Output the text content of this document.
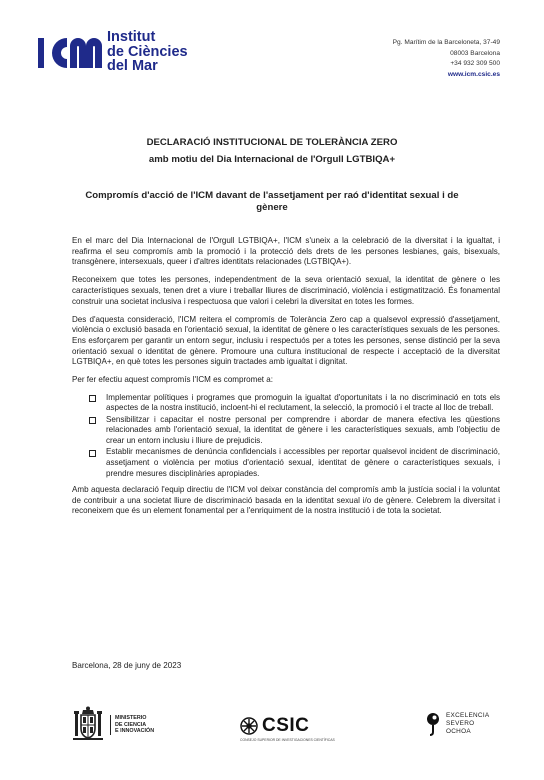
Institut
de Ciències
del Mar
Pg. Marítim de la Barceloneta, 37-49
08003 Barcelona
+34 932 309 500
www.icm.csic.es
DECLARACIÓ INSTITUCIONAL DE TOLERÀNCIA ZERO
amb motiu del Dia Internacional de l'Orgull LGTBIQA+
Compromís d'acció de l'ICM davant de l'assetjament per raó d'identitat sexual i de gènere

En el marc del Dia Internacional de l'Orgull LGTBIQA+, l'ICM s'uneix a la celebració de la diversitat i la igualtat, i reafirma el seu compromís amb la promoció i la protecció dels drets de les persones lesbianes, gais, bisexuals, transgènere, intersexuals, queer i d'altres identitats relacionades (LGTBIQA+).

Reconeixem que totes les persones, independentment de la seva orientació sexual, la identitat de gènere o les característiques sexuals, tenen dret a viure i treballar lliures de discriminació, violència i estigmatització. És fonamental construir una societat inclusiva i respectuosa que valori i celebri la diversitat en totes les formes.

Des d'aquesta consideració, l'ICM reitera el compromís de Tolerància Zero cap a qualsevol expressió d'assetjament, violència o exclusió basada en l'orientació sexual, la identitat de gènere o les característiques sexuals de les persones. Ens esforçarem per garantir un entorn segur, inclusiu i respectuós per a totes les persones, sense distinció per la seva orientació sexual o identitat de gènere. Promoure una cultura institucional de respecte i acceptació de la diversitat LGTBIQA+, en què totes les persones siguin tractades amb igualtat i dignitat.

Per fer efectiu aquest compromís l'ICM es compromet a:

Implementar polítiques i programes que promoguin la igualtat d'oportunitats i la no discriminació en tots els aspectes de la nostra institució, incloent-hi el reclutament, la selecció, la promoció i el tracte al lloc de treball.
Sensibilitzar i capacitar el nostre personal per comprendre i abordar de manera efectiva les qüestions relacionades amb l'orientació sexual, la identitat de gènere i les característiques sexuals, amb l'objectiu de crear un entorn inclusiu i lliure de prejudicis.
Establir mecanismes de denúncia confidencials i accessibles per reportar qualsevol incident de discriminació, assetjament o violència per motius d'orientació sexual, identitat de gènere o característiques sexuals, i prendre mesures disciplinàries apropiades.

Amb aquesta declaració l'equip directiu de l'ICM vol deixar constància del compromís amb la justícia social i la voluntat de contribuir a una societat lliure de discriminació basada en la identitat sexual i/o de gènere. Celebrem la diversitat i reconeixem que és un element fonamental per a l'enriquiment de la nostra institució i de tota la societat.

Barcelona, 28 de juny de 2023
MINISTERIO
DE CIENCIA
E INNOVACIÓN	CSIC
CONSEJO SUPERIOR DE INVESTIGACIONES CIENTÍFICAS
EXCELENCIA
SEVERO
OCHOA
